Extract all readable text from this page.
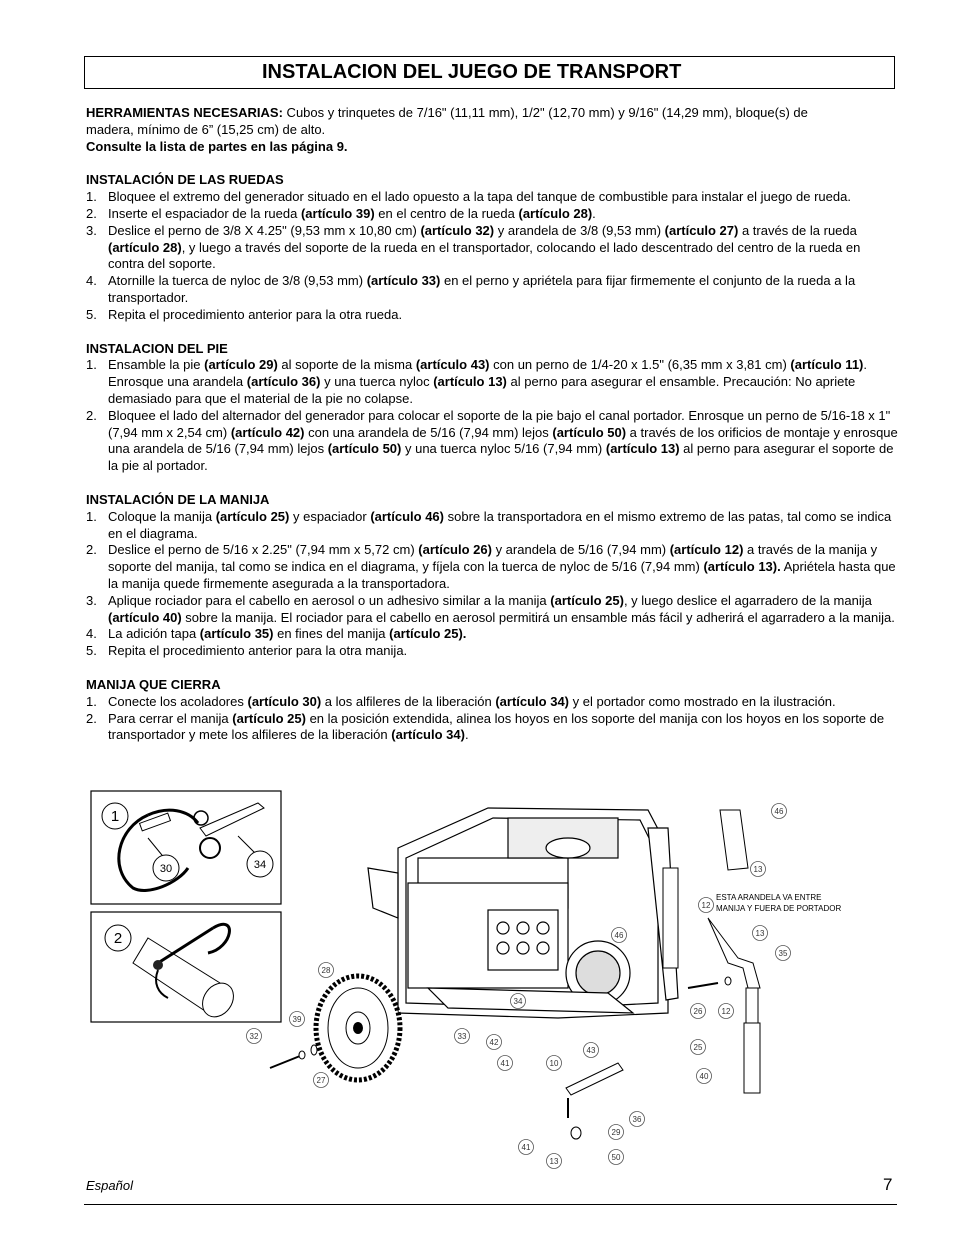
INSTALACION DEL JUEGO DE TRANSPORT

HERRAMIENTAS NECESARIAS: Cubos y trinquetes de 7/16" (11,11 mm), 1/2" (12,70 mm) y 9/16" (14,29 mm), bloque(s) de
madera, mínimo de 6” (15,25 cm) de alto.

Consulte la lista de partes en las página 9.

INSTALACIÓN DE LAS RUEDAS

1. Bloquee el extremo del generador situado en el lado opuesto a la tapa del tanque de combustible para instalar el juego de rueda.
2. Inserte el espaciador de la rueda (artículo 39) en el centro de la rueda (artículo 28).
3. Deslice el perno de 3/8 X 4.25" (9,53 mm x 10,80 cm) (artículo 32) y arandela de 3/8 (9,53 mm) (artículo 27) a través de la rueda (artículo 28), y luego a través del soporte de la rueda en el transportador, colocando el lado descentrado del centro de la rueda en contra del soporte.
4. Atornille la tuerca de nyloc de 3/8 (9,53 mm) (artículo 33) en el perno y apriétela para fijar firmemente el conjunto de la rueda a la transportador.
5. Repita el procedimiento anterior para la otra rueda.

INSTALACION DEL PIE

1. Ensamble la pie (artículo 29) al soporte de la misma (artículo 43) con un perno de 1/4-20 x 1.5" (6,35 mm x 3,81 cm) (artículo 11). Enrosque una arandela (artículo 36) y una tuerca nyloc (artículo 13) al perno para asegurar el ensamble. Precaución: No apriete demasiado para que el material de la pie no colapse.
2. Bloquee el lado del alternador del generador para colocar el soporte de la pie bajo el canal portador. Enrosque un perno de 5/16-18 x 1" (7,94 mm x 2,54 cm) (artículo 42) con una arandela de 5/16 (7,94 mm) lejos (artículo 50) a través de los orificios de montaje y enrosque una arandela de 5/16 (7,94 mm) lejos (artículo 50) y una tuerca nyloc 5/16 (7,94 mm) (artículo 13) al perno para asegurar el soporte de la pie al portador.

INSTALACIÓN DE LA MANIJA

1. Coloque la manija (artículo 25) y espaciador (artículo 46) sobre la transportadora en el mismo extremo de las patas, tal como se indica en el diagrama.
2. Deslice el perno de 5/16 x 2.25" (7,94 mm x 5,72 cm) (artículo 26) y arandela de 5/16 (7,94 mm) (artículo 12) a través de la manija y soporte del manija, tal como se indica en el diagrama, y fíjela con la tuerca de nyloc de 5/16 (7,94 mm) (artículo 13). Apriétela hasta que la manija quede firmemente asegurada a la transportadora.
3. Aplique rociador para el cabello en aerosol o un adhesivo similar a la manija (artículo 25), y luego deslice el agarradero de la manija (artículo 40) sobre la manija. El rociador para el cabello en aerosol permitirá un ensamble más fácil y adherirá el agarradero a la manija.
4. La adición tapa (artículo 35) en fines del manija (artículo 25).
5. Repita el procedimiento anterior para la otra manija.

MANIJA QUE CIERRA

1. Conecte los acoladores (artículo 30) a los alfileres de la liberación (artículo 34) y el portador como mostrado en la ilustración.
2. Para cerrar el manija (artículo 25) en la posición extendida, alinea los hoyos en los soporte del manija con los hoyos en los soporte de transportador y mete los alfileres de la liberación (artículo 34).
1
30	34
2
ESTA ARANDELA VA ENTRE
MANIJA Y FUERA DE PORTADOR
46
13
12
13
35
46
28
34
26 12
39
33
25
32
42
43
27
41	10
40
36
29
41
13	50
Español	7
